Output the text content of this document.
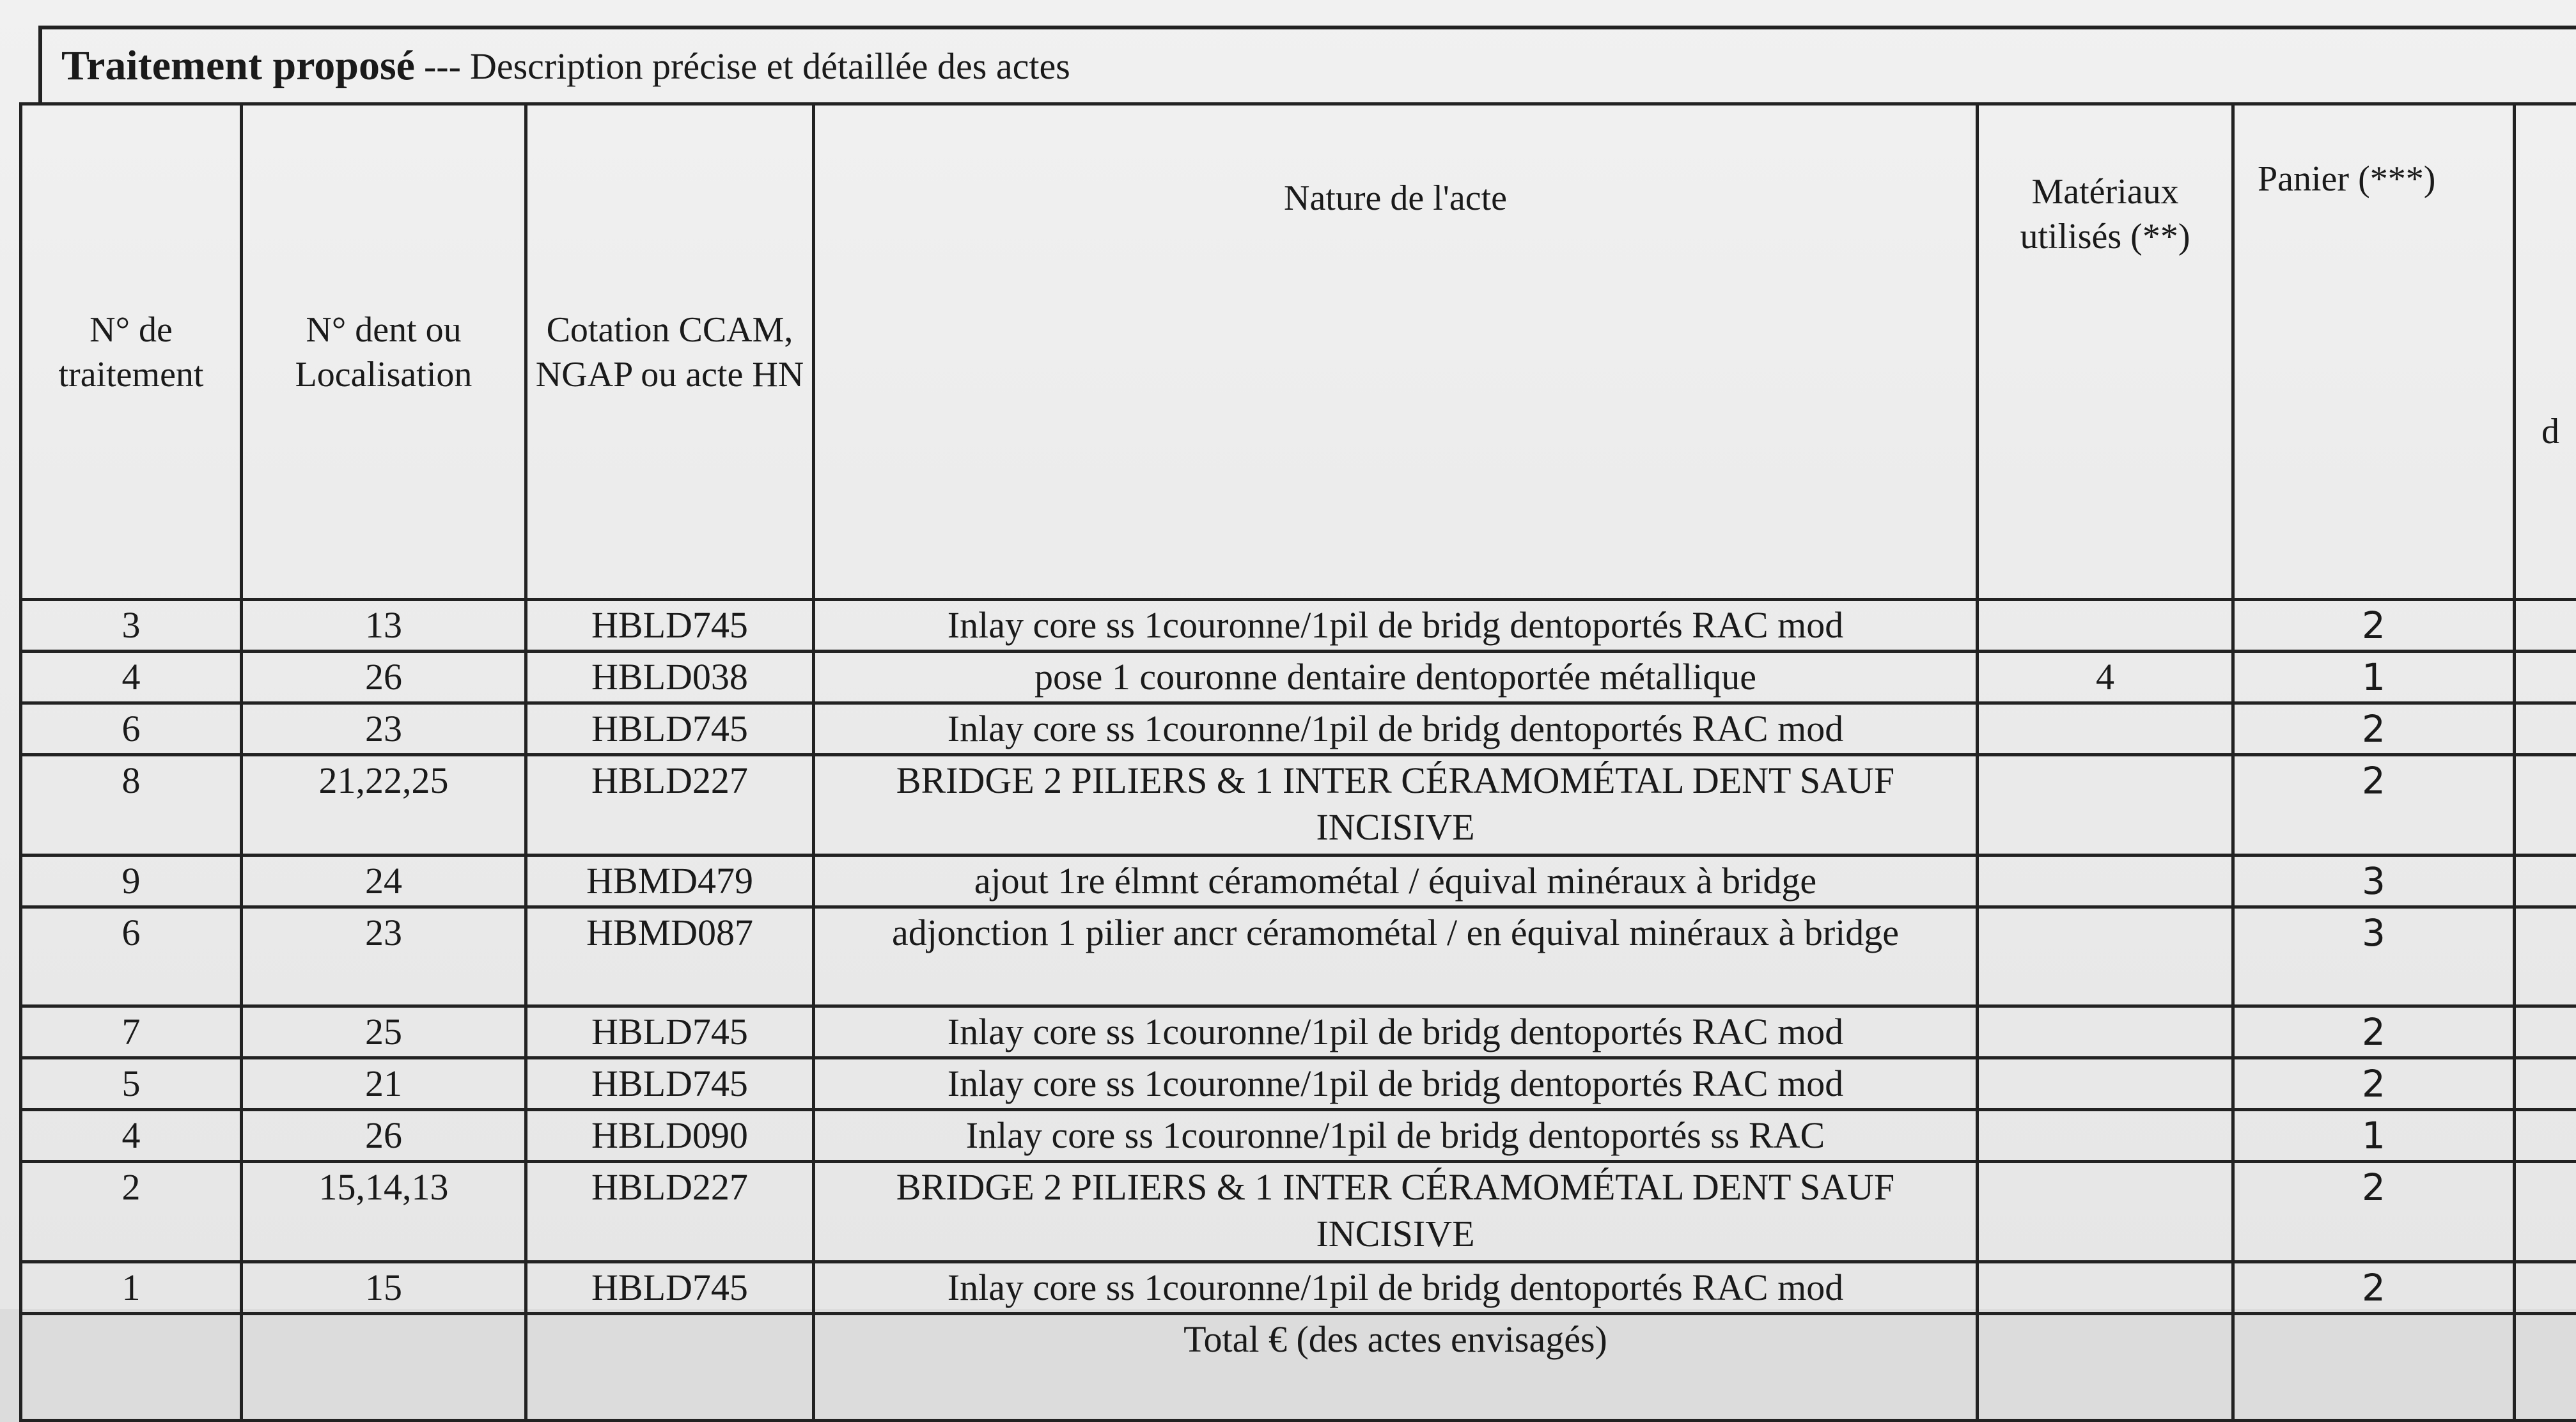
Traitement proposé --- Description précise et détaillée des actes
N° de traitement	N° dent ou Localisation	Cotation CCAM, NGAP ou acte HN	Nature de l'acte	Matériaux utilisés (**)	Panier (***)	d
3	13	HBLD745	Inlay core ss 1couronne/1pil de bridg dentoportés RAC mod		2	
4	26	HBLD038	pose 1 couronne dentaire dentoportée métallique	4	1	
6	23	HBLD745	Inlay core ss 1couronne/1pil de bridg dentoportés RAC mod		2	
8	21,22,25	HBLD227	BRIDGE 2 PILIERS & 1 INTER CÉRAMOMÉTAL DENT SAUF INCISIVE		2	
9	24	HBMD479	ajout 1re élmnt céramométal / équival minéraux à bridge		3	
6	23	HBMD087	adjonction 1 pilier ancr céramométal / en équival minéraux à bridge		3	
7	25	HBLD745	Inlay core ss 1couronne/1pil de bridg dentoportés RAC mod		2	
5	21	HBLD745	Inlay core ss 1couronne/1pil de bridg dentoportés RAC mod		2	
4	26	HBLD090	Inlay core ss 1couronne/1pil de bridg dentoportés ss RAC		1	
2	15,14,13	HBLD227	BRIDGE 2 PILIERS & 1 INTER CÉRAMOMÉTAL DENT SAUF INCISIVE		2	
1	15	HBLD745	Inlay core ss 1couronne/1pil de bridg dentoportés RAC mod		2	
			Total € (des actes envisagés)			
